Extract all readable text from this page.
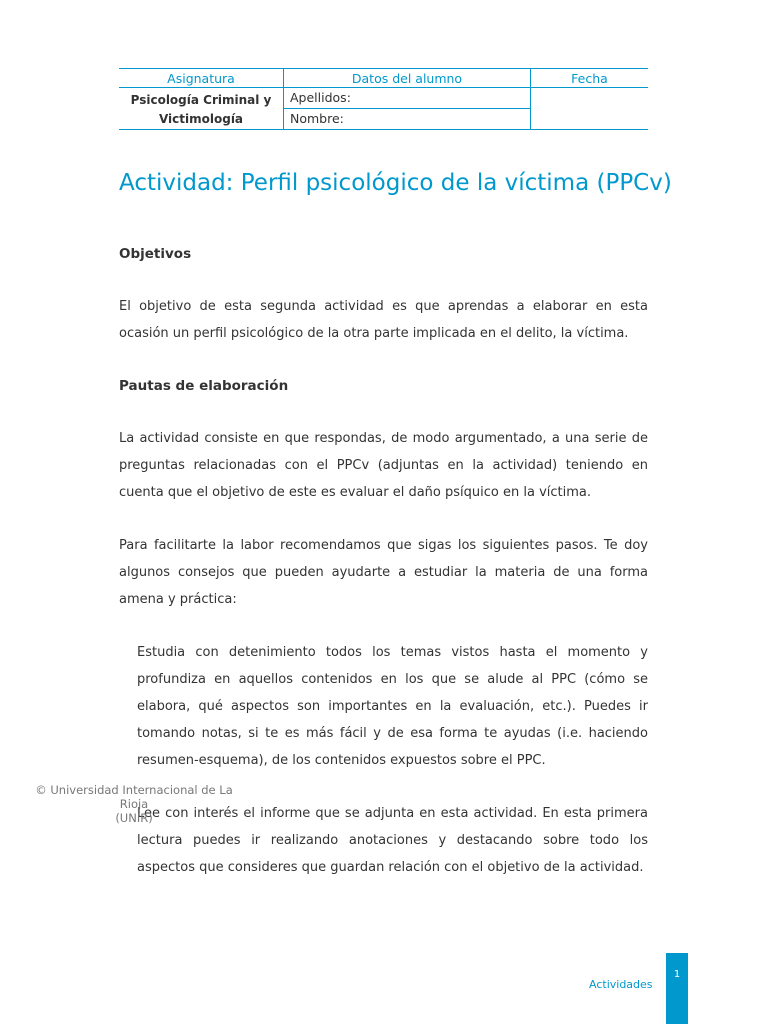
Asignatura	Datos del alumno	Fecha
Psicología Criminal y
Victimología	Apellidos:	
	Nombre:	
Actividad: Perfil psicológico de la víctima (PPCv)
Objetivos

El objetivo de esta segunda actividad es que aprendas a elaborar en esta ocasión un perfil psicológico de la otra parte implicada en el delito, la víctima.

Pautas de elaboración

La actividad consiste en que respondas, de modo argumentado, a una serie de preguntas relacionadas con el PPCv (adjuntas en la actividad) teniendo en cuenta que el objetivo de este es evaluar el daño psíquico en la víctima.

Para facilitarte la labor recomendamos que sigas los siguientes pasos. Te doy algunos consejos que pueden ayudarte a estudiar la materia de una forma amena y práctica:

Estudia con detenimiento todos los temas vistos hasta el momento y profundiza en aquellos contenidos en los que se alude al PPC (cómo se elabora, qué aspectos son importantes en la evaluación, etc.). Puedes ir tomando notas, si te es más fácil y de esa forma te ayudas (i.e. haciendo resumen-esquema), de los contenidos expuestos sobre el PPC.

Lee con interés el informe que se adjunta en esta actividad. En esta primera lectura puedes ir realizando anotaciones y destacando sobre todo los aspectos que consideres que guardan relación con el objetivo de la actividad.

© Universidad Internacional de La Rioja
(UNIR)
Actividades
1
